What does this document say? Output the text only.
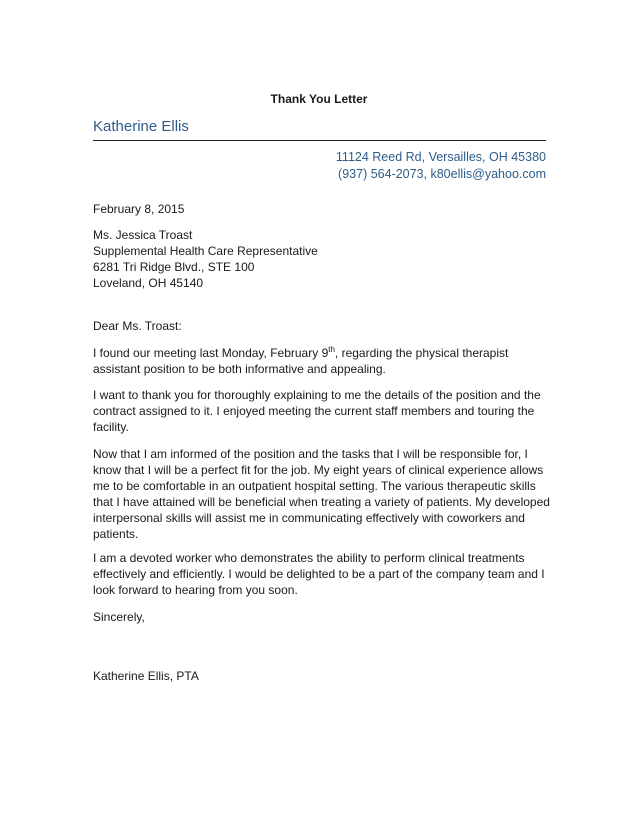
Thank You Letter
Katherine Ellis
11124 Reed Rd, Versailles, OH 45380
(937) 564-2073, k80ellis@yahoo.com
February 8, 2015
Ms. Jessica Troast
Supplemental Health Care Representative
6281 Tri Ridge Blvd., STE 100
Loveland, OH 45140
Dear Ms. Troast:
I found our meeting last Monday, February 9th, regarding the physical therapist assistant position to be both informative and appealing.
I want to thank you for thoroughly explaining to me the details of the position and the contract assigned to it. I enjoyed meeting the current staff members and touring the facility.
Now that I am informed of the position and the tasks that I will be responsible for, I know that I will be a perfect fit for the job. My eight years of clinical experience allows me to be comfortable in an outpatient hospital setting. The various therapeutic skills that I have attained will be beneficial when treating a variety of patients. My developed interpersonal skills will assist me in communicating effectively with coworkers and patients.
I am a devoted worker who demonstrates the ability to perform clinical treatments effectively and efficiently. I would be delighted to be a part of the company team and I look forward to hearing from you soon.
Sincerely,
Katherine Ellis, PTA
